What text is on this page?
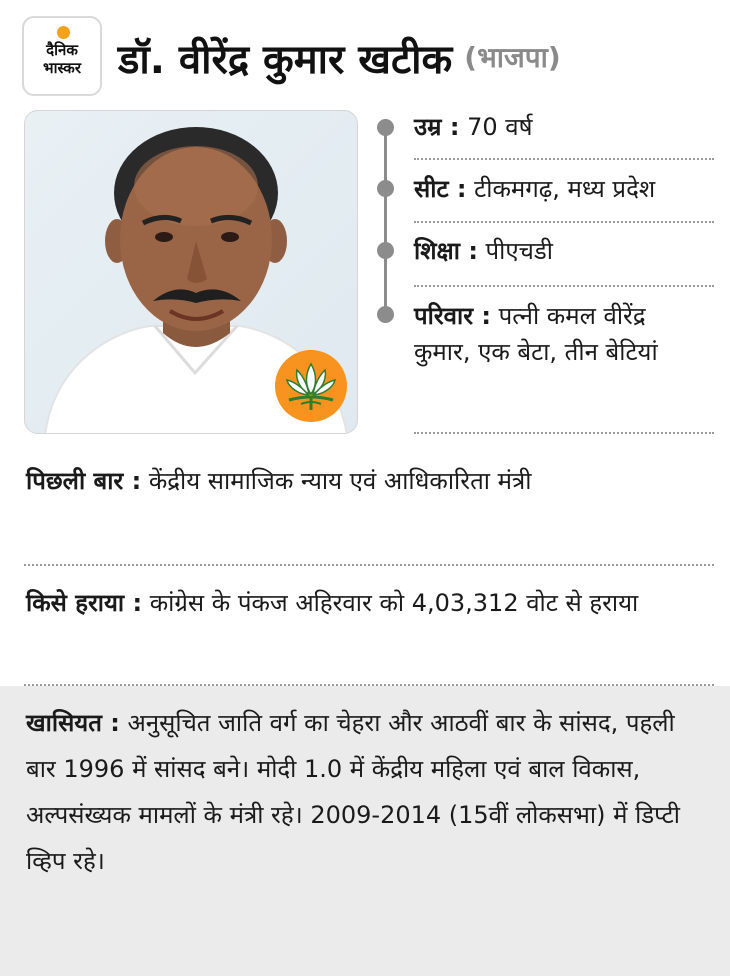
दैनिक
भास्कर डॉ. वीरेंद्र कुमार खटीक (भाजपा)
उम्र : 70 वर्ष
सीट : टीकमगढ़, मध्य प्रदेश
शिक्षा : पीएचडी
परिवार : पत्नी कमल वीरेंद्र कुमार, एक बेटा, तीन बेटियां
पिछली बार : केंद्रीय सामाजिक न्याय एवं आधिकारिता मंत्री
किसे हराया : कांग्रेस के पंकज अहिरवार को 4,03,312 वोट से हराया
खासियत : अनुसूचित जाति वर्ग का चेहरा और आठवीं बार के सांसद, पहली बार 1996 में सांसद बने। मोदी 1.0 में केंद्रीय महिला एवं बाल विकास, अल्पसंख्यक मामलों के मंत्री रहे। 2009-2014 (15वीं लोकसभा) में डिप्टी व्हिप रहे।
